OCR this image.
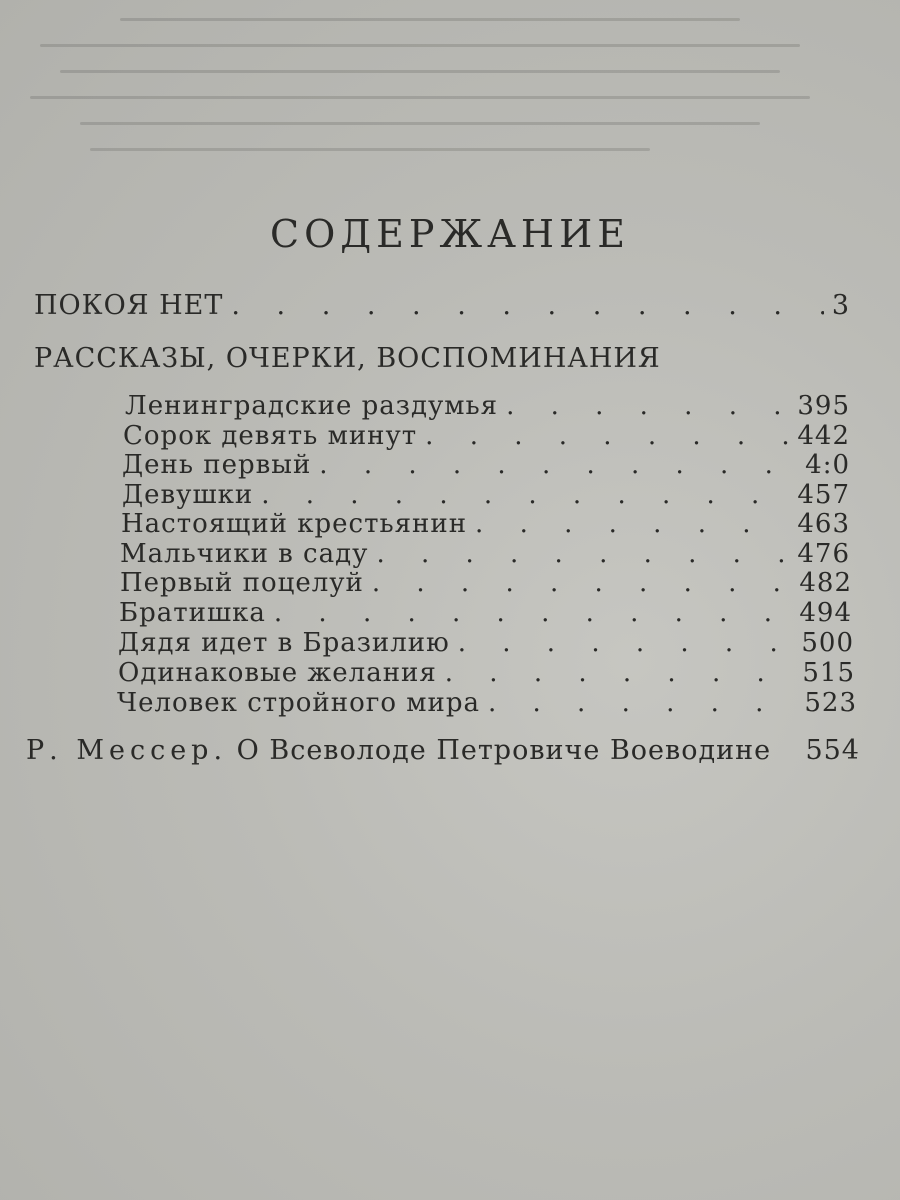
СОДЕРЖАНИЕ
ПОКОЯ НЕТ . . .	3
РАССКАЗЫ, ОЧЕРКИ, ВОСПОМИНАНИЯ
Ленинградские раздумья . . .	395
Сорок девять минут . . .	442
День первый . . .	4:0
Девушки . . .	457
Настоящий крестьянин . . .	463
Мальчики в саду . . .	476
Первый поцелуй . . .	482
Братишка . . .	494
Дядя идет в Бразилию . . .	500
Одинаковые желания . . .	515
Человек стройного мира . . .	523
Р. Мессер. О Всеволоде Петровиче Воеводине 554
